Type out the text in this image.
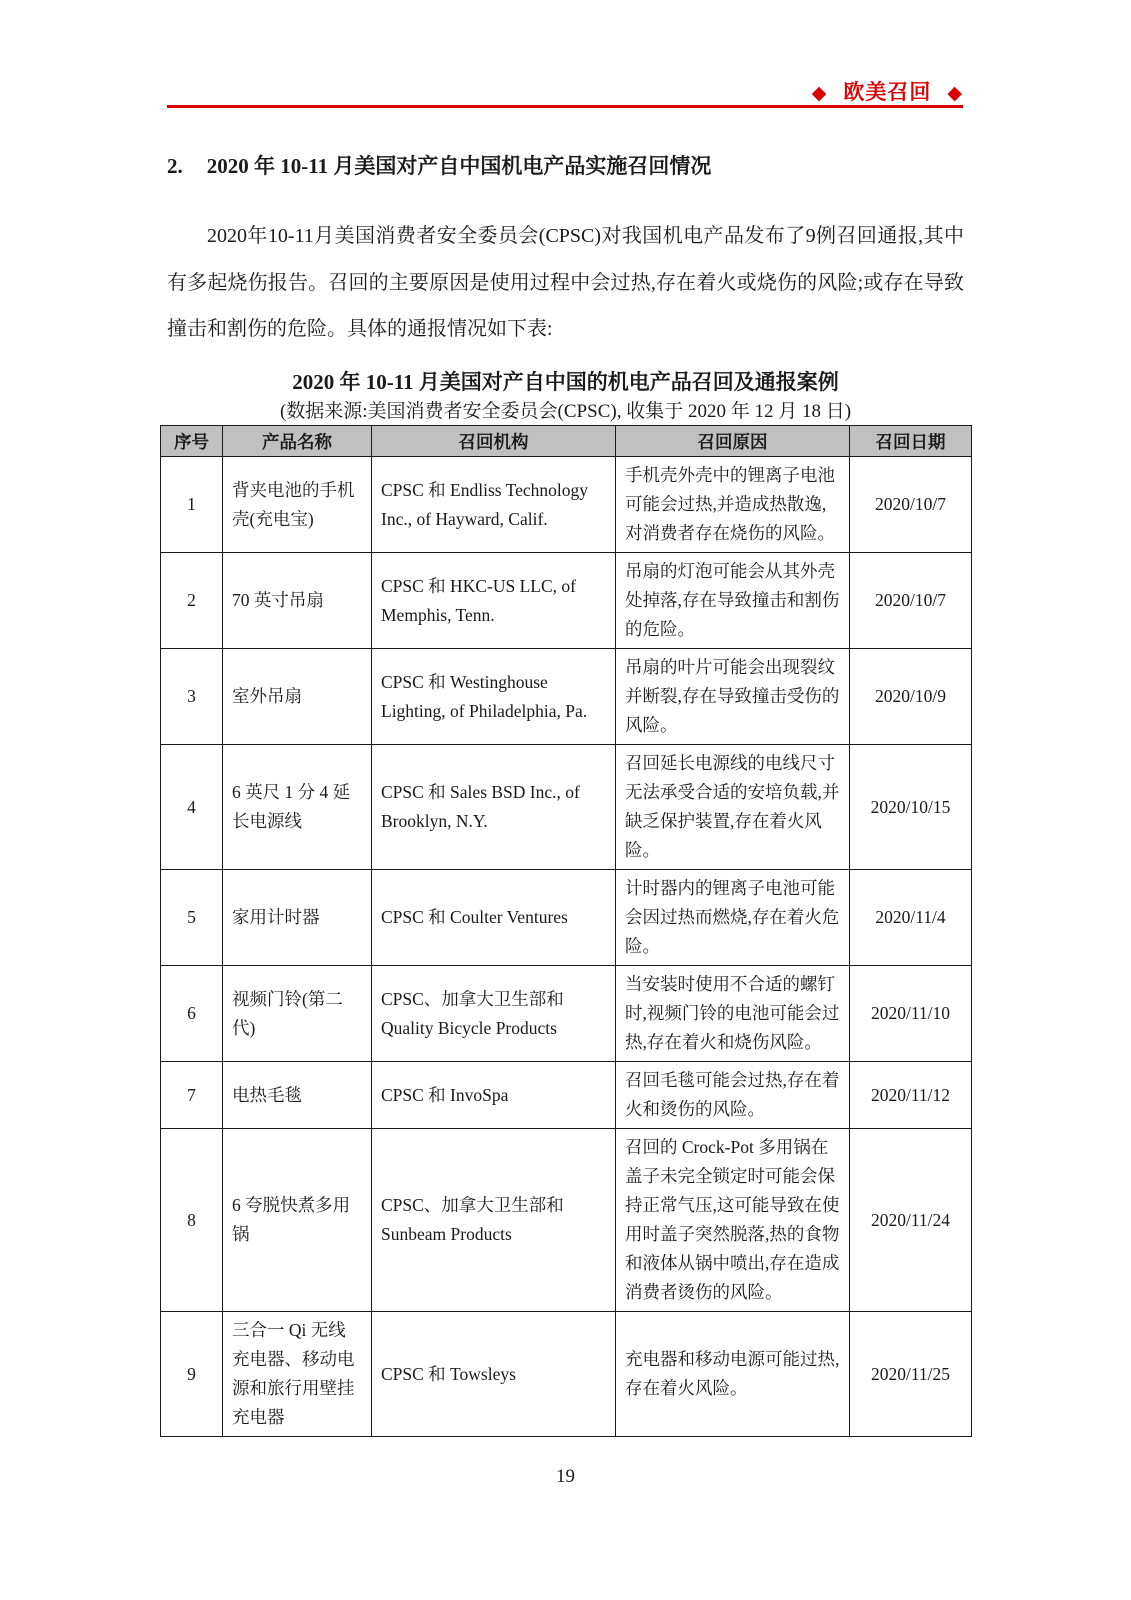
◆ 欧美召回 ◆
2. 2020 年 10-11 月美国对产自中国机电产品实施召回情况

2020年10-11月美国消费者安全委员会(CPSC)对我国机电产品发布了9例召回通报,其中有多起烧伤报告。召回的主要原因是使用过程中会过热,存在着火或烧伤的风险;或存在导致撞击和割伤的危险。具体的通报情况如下表:

2020 年 10-11 月美国对产自中国的机电产品召回及通报案例
(数据来源:美国消费者安全委员会(CPSC), 收集于 2020 年 12 月 18 日)
序号	产品名称	召回机构	召回原因	召回日期
1	背夹电池的手机壳(充电宝)	CPSC 和 Endliss Technology Inc., of Hayward, Calif.	手机壳外壳中的锂离子电池可能会过热,并造成热散逸,对消费者存在烧伤的风险。	2020/10/7
2	70 英寸吊扇	CPSC 和 HKC-US LLC, of Memphis, Tenn.	吊扇的灯泡可能会从其外壳处掉落,存在导致撞击和割伤的危险。	2020/10/7
3	室外吊扇	CPSC 和 Westinghouse Lighting, of Philadelphia, Pa.	吊扇的叶片可能会出现裂纹并断裂,存在导致撞击受伤的风险。	2020/10/9
4	6 英尺 1 分 4 延长电源线	CPSC 和 Sales BSD Inc., of Brooklyn, N.Y.	召回延长电源线的电线尺寸无法承受合适的安培负载,并缺乏保护装置,存在着火风险。	2020/10/15
5	家用计时器	CPSC 和 Coulter Ventures	计时器内的锂离子电池可能会因过热而燃烧,存在着火危险。	2020/11/4
6	视频门铃(第二代)	CPSC、加拿大卫生部和 Quality Bicycle Products	当安装时使用不合适的螺钉时,视频门铃的电池可能会过热,存在着火和烧伤风险。	2020/11/10
7	电热毛毯	CPSC 和 InvoSpa	召回毛毯可能会过热,存在着火和烫伤的风险。	2020/11/12
8	6 夸脱快煮多用锅	CPSC、加拿大卫生部和 Sunbeam Products	召回的 Crock-Pot 多用锅在盖子未完全锁定时可能会保持正常气压,这可能导致在使用时盖子突然脱落,热的食物和液体从锅中喷出,存在造成消费者烫伤的风险。	2020/11/24
9	三合一 Qi 无线充电器、移动电源和旅行用壁挂充电器	CPSC 和 Towsleys	充电器和移动电源可能过热,存在着火风险。	2020/11/25
19
